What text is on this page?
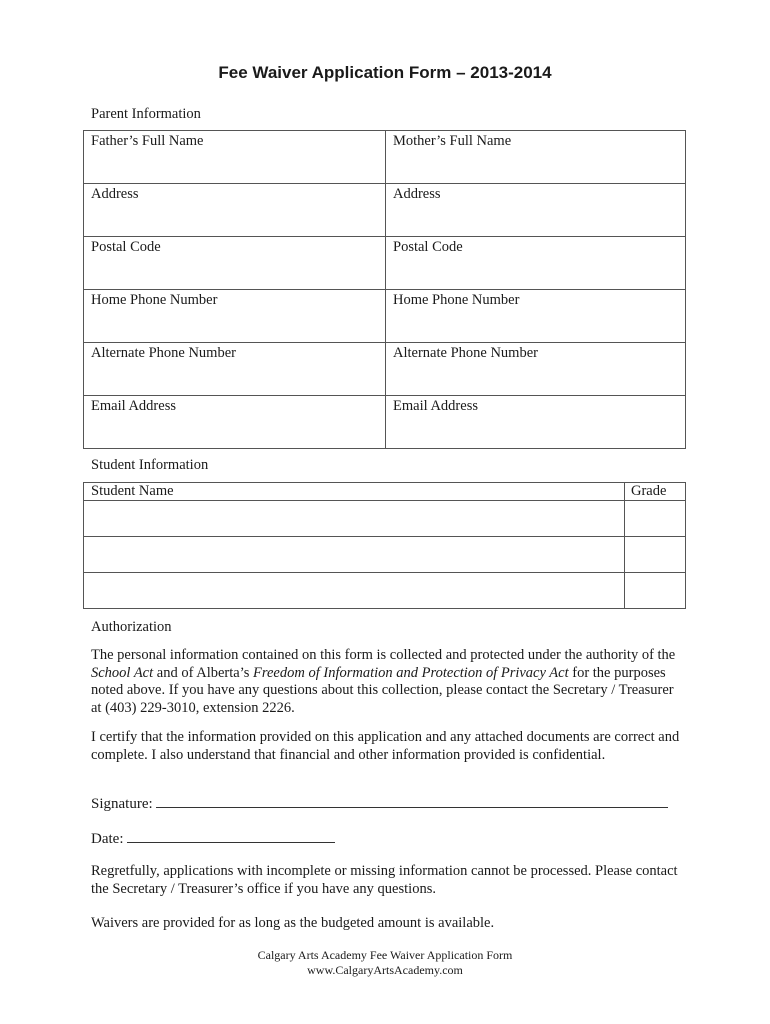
Fee Waiver Application Form – 2013-2014
Parent Information
Father’s Full Name	Mother’s Full Name

Address	Address

Postal Code	Postal Code

Home Phone Number	Home Phone Number

Alternate Phone Number	Alternate Phone Number

Email Address	Email Address
Student Information
Student Name	Grade

Authorization

The personal information contained on this form is collected and protected under the authority of the School Act and of Alberta’s Freedom of Information and Protection of Privacy Act for the purposes noted above. If you have any questions about this collection, please contact the Secretary / Treasurer at (403) 229-3010, extension 2226.

I certify that the information provided on this application and any attached documents are correct and complete. I also understand that financial and other information provided is confidential.

Signature:
Date:

Regretfully, applications with incomplete or missing information cannot be processed. Please contact the Secretary / Treasurer’s office if you have any questions.

Waivers are provided for as long as the budgeted amount is available.

Calgary Arts Academy Fee Waiver Application Form
www.CalgaryArtsAcademy.com
